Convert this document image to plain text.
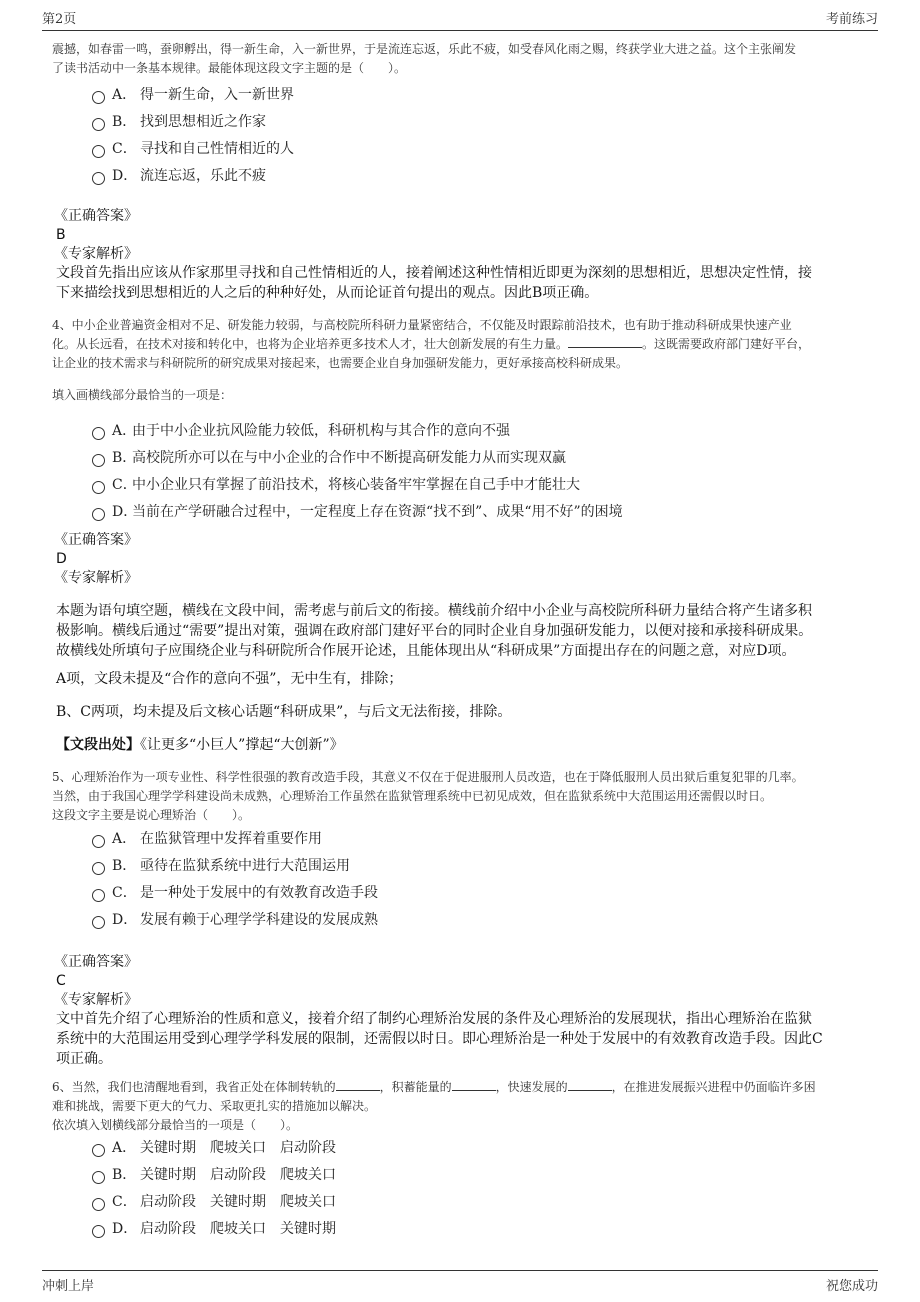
第2页	考前练习
震撼，如春雷一鸣，蚕卵孵出，得一新生命，入一新世界，于是流连忘返，乐此不疲，如受春风化雨之赐，终获学业大进之益。这个主张阐发
了读书活动中一条基本规律。最能体现这段文字主题的是（　　）。
A． 得一新生命，入一新世界
B． 找到思想相近之作家
C． 寻找和自己性情相近的人
D． 流连忘返，乐此不疲
《正确答案》
B
《专家解析》
文段首先指出应该从作家那里寻找和自己性情相近的人，接着阐述这种性情相近即更为深刻的思想相近，思想决定性情，接
下来描绘找到思想相近的人之后的种种好处，从而论证首句提出的观点。因此B项正确。
4、中小企业普遍资金相对不足、研发能力较弱，与高校院所科研力量紧密结合，不仅能及时跟踪前沿技术，也有助于推动科研成果快速产业
化。从长远看，在技术对接和转化中，也将为企业培养更多技术人才，壮大创新发展的有生力量。	。这既需要政府部门建好平台，
让企业的技术需求与科研院所的研究成果对接起来，也需要企业自身加强研发能力，更好承接高校科研成果。
填入画横线部分最恰当的一项是：
A．由于中小企业抗风险能力较低，科研机构与其合作的意向不强
B．高校院所亦可以在与中小企业的合作中不断提高研发能力从而实现双赢
C．中小企业只有掌握了前沿技术，将核心装备牢牢掌握在自己手中才能壮大
D．当前在产学研融合过程中，一定程度上存在资源“找不到”、成果“用不好”的困境
《正确答案》
D
《专家解析》
本题为语句填空题，横线在文段中间，需考虑与前后文的衔接。横线前介绍中小企业与高校院所科研力量结合将产生诸多积
极影响。横线后通过“需要”提出对策，强调在政府部门建好平台的同时企业自身加强研发能力，以便对接和承接科研成果。
故横线处所填句子应围绕企业与科研院所合作展开论述，且能体现出从“科研成果”方面提出存在的问题之意，对应D项。
A项，文段未提及“合作的意向不强”，无中生有，排除；
B、C两项，均未提及后文核心话题“科研成果”，与后文无法衔接，排除。
【文段出处】《让更多“小巨人”撑起“大创新”》
5、心理矫治作为一项专业性、科学性很强的教育改造手段，其意义不仅在于促进服刑人员改造，也在于降低服刑人员出狱后重复犯罪的几率。
当然，由于我国心理学学科建设尚未成熟，心理矫治工作虽然在监狱管理系统中已初见成效，但在监狱系统中大范围运用还需假以时日。
这段文字主要是说心理矫治（　　）。
A． 在监狱管理中发挥着重要作用
B． 亟待在监狱系统中进行大范围运用
C． 是一种处于发展中的有效教育改造手段
D． 发展有赖于心理学学科建设的发展成熟
《正确答案》
C
《专家解析》
文中首先介绍了心理矫治的性质和意义，接着介绍了制约心理矫治发展的条件及心理矫治的发展现状，指出心理矫治在监狱
系统中的大范围运用受到心理学学科发展的限制，还需假以时日。即心理矫治是一种处于发展中的有效教育改造手段。因此C
项正确。
6、当然，我们也清醒地看到，我省正处在体制转轨的	，积蓄能量的	，快速发展的	，在推进发展振兴进程中仍面临许多困
难和挑战，需要下更大的气力、采取更扎实的措施加以解决。
依次填入划横线部分最恰当的一项是（　　）。
A． 关键时期　爬坡关口　启动阶段
B． 关键时期　启动阶段　爬坡关口
C． 启动阶段　关键时期　爬坡关口
D． 启动阶段　爬坡关口　关键时期
冲刺上岸	祝您成功
